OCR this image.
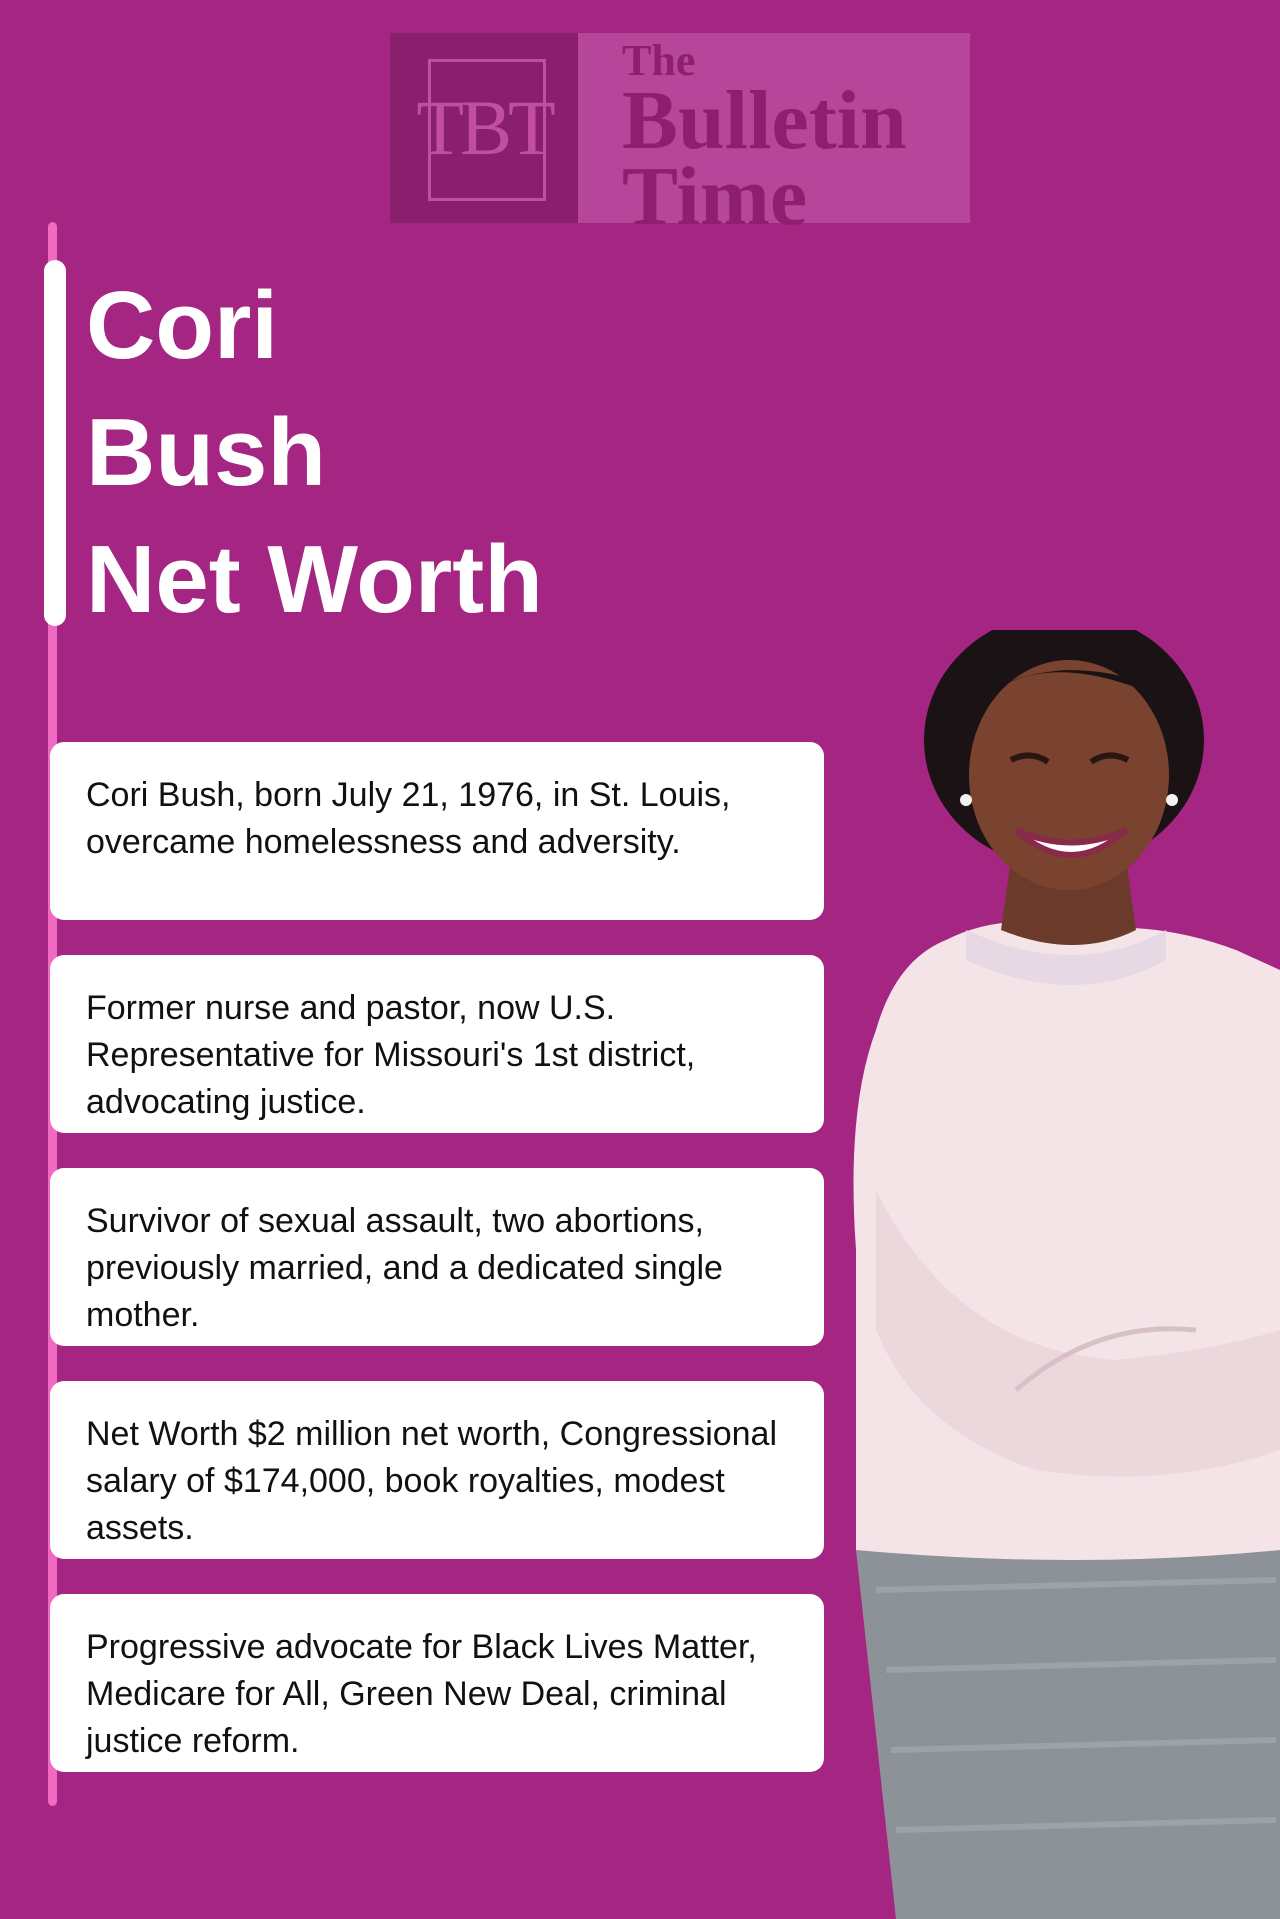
TBT
The
Bulletin
Time
Cori
Bush
Net Worth
Cori Bush, born July 21, 1976, in St. Louis, overcame homelessness and adversity.
Former nurse and pastor, now U.S. Representative for Missouri's 1st district, advocating justice.
Survivor of sexual assault, two abortions, previously married, and a dedicated single mother.
Net Worth $2 million net worth, Congressional salary of $174,000, book royalties, modest assets.
Progressive advocate for Black Lives Matter, Medicare for All, Green New Deal, criminal justice reform.
